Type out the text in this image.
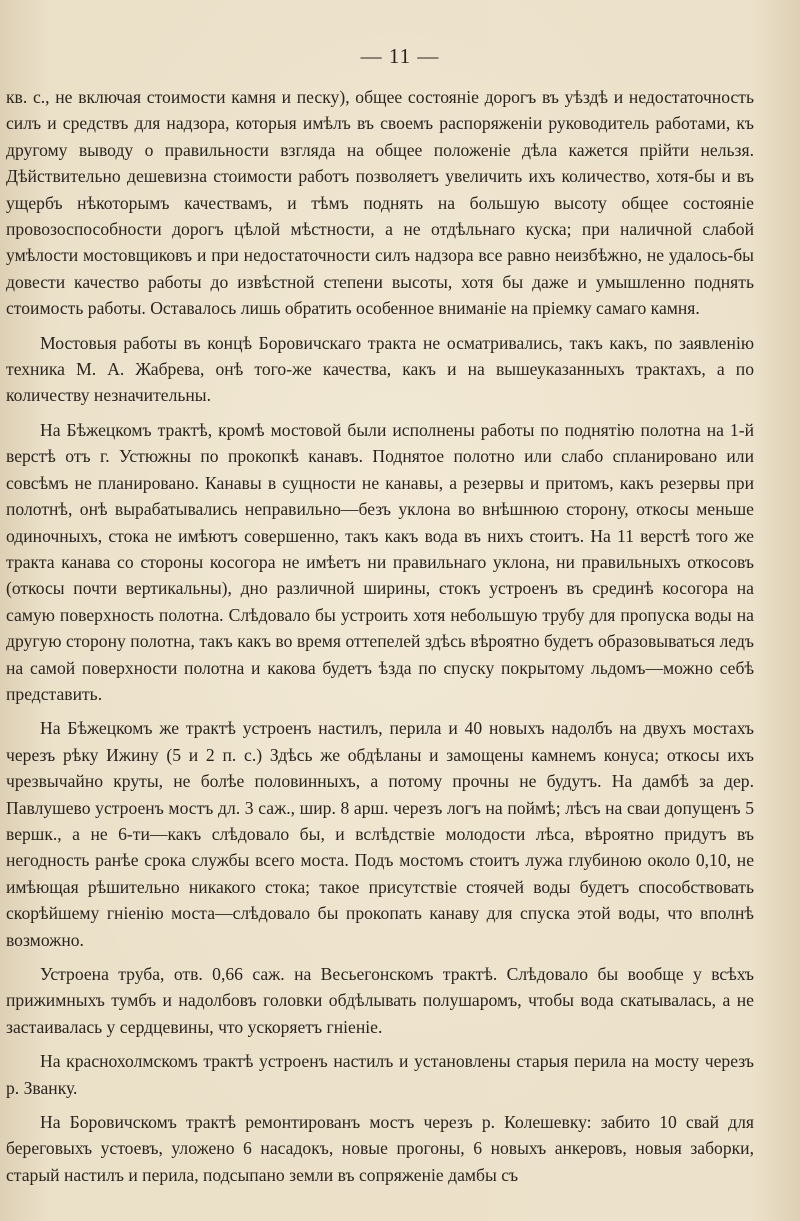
— 11 —

кв. с., не включая стоимости камня и песку), общее состояніе дорогъ въ уѣздѣ и недостаточность силъ и средствъ для надзора, которыя имѣлъ въ своемъ распоряженіи руководитель работами, къ другому выводу о правильности взгляда на общее положеніе дѣла кажется прійти нельзя. Дѣйствительно дешевизна стоимости работъ позволяетъ увеличить ихъ количество, хотя-бы и въ ущербъ нѣкоторымъ качествамъ, и тѣмъ поднять на большую высоту общее состояніе провозоспособности дорогъ цѣлой мѣстности, а не отдѣльнаго куска; при наличной слабой умѣлости мостовщиковъ и при недостаточности силъ надзора все равно неизбѣжно, не удалось-бы довести качество работы до извѣстной степени высоты, хотя бы даже и умышленно поднять стоимость работы. Оставалось лишь обратить особенное вниманіе на пріемку самаго камня.

Мостовыя работы въ концѣ Боровичскаго тракта не осматривались, такъ какъ, по заявленію техника М. А. Жабрева, онѣ того-же качества, какъ и на вышеуказанныхъ трактахъ, а по количеству незначительны.

На Бѣжецкомъ трактѣ, кромѣ мостовой были исполнены работы по поднятію полотна на 1-й верстѣ отъ г. Устюжны по прокопкѣ канавъ. Поднятое полотно или слабо спланировано или совсѣмъ не планировано. Канавы в сущности не канавы, а резервы и притомъ, какъ резервы при полотнѣ, онѣ вырабатывались неправильно—безъ уклона во внѣшнюю сторону, откосы меньше одиночныхъ, стока не имѣютъ совершенно, такъ какъ вода въ нихъ стоитъ. На 11 верстѣ того же тракта канава со стороны косогора не имѣетъ ни правильнаго уклона, ни правильныхъ откосовъ (откосы почти вертикальны), дно различной ширины, стокъ устроенъ въ срединѣ косогора на самую поверхность полотна. Слѣдовало бы устроить хотя небольшую трубу для пропуска воды на другую сторону полотна, такъ какъ во время оттепелей здѣсь вѣроятно будетъ образовываться ледъ на самой поверхности полотна и какова будетъ ѣзда по спуску покрытому льдомъ—можно себѣ представить.

На Бѣжецкомъ же трактѣ устроенъ настилъ, перила и 40 новыхъ надолбъ на двухъ мостахъ черезъ рѣку Ижину (5 и 2 п. с.) Здѣсь же обдѣланы и замощены камнемъ конуса; откосы ихъ чрезвычайно круты, не болѣе половинныхъ, а потому прочны не будутъ. На дамбѣ за дер. Павлушево устроенъ мостъ дл. 3 саж., шир. 8 арш. черезъ логъ на поймѣ; лѣсъ на сваи допущенъ 5 вершк., а не 6-ти—какъ слѣдовало бы, и вслѣдствіе молодости лѣса, вѣроятно придутъ въ негодность ранѣе срока службы всего моста. Подъ мостомъ стоитъ лужа глубиною около 0,10, не имѣющая рѣшительно никакого стока; такое присутствіе стоячей воды будетъ способствовать скорѣйшему гніенію моста—слѣдовало бы прокопать канаву для спуска этой воды, что вполнѣ возможно.

Устроена труба, отв. 0,66 саж. на Весьегонскомъ трактѣ. Слѣдовало бы вообще у всѣхъ прижимныхъ тумбъ и надолбовъ головки обдѣлывать полушаромъ, чтобы вода скатывалась, а не застаивалась у сердцевины, что ускоряетъ гніеніе.

На краснохолмскомъ трактѣ устроенъ настилъ и установлены старыя перила на мосту черезъ р. Званку.

На Боровичскомъ трактѣ ремонтированъ мостъ черезъ р. Колешевку: забито 10 свай для береговыхъ устоевъ, уложено 6 насадокъ, новые прогоны, 6 новыхъ анкеровъ, новыя заборки, старый настилъ и перила, подсыпано земли въ сопряженіе дамбы съ
